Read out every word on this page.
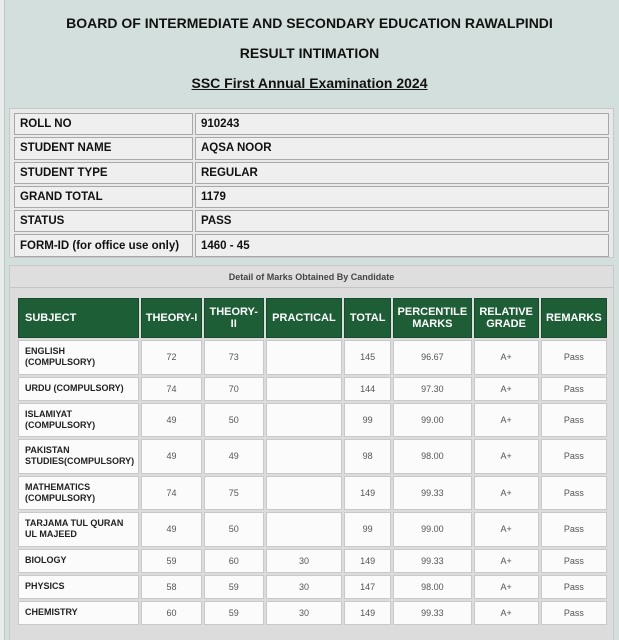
BOARD OF INTERMEDIATE AND SECONDARY EDUCATION RAWALPINDI
RESULT INTIMATION
SSC First Annual Examination 2024
ROLL NO	910243
STUDENT NAME	AQSA NOOR
STUDENT TYPE	REGULAR
GRAND TOTAL	1179
STATUS	PASS
FORM-ID (for office use only)	1460 - 45
Detail of Marks Obtained By Candidate
SUBJECT	THEORY-I	THEORY-II	PRACTICAL	TOTAL	PERCENTILE MARKS	RELATIVE GRADE	REMARKS
ENGLISH (COMPULSORY)	72	73		145	96.67	A+	Pass
URDU (COMPULSORY)	74	70		144	97.30	A+	Pass
ISLAMIYAT (COMPULSORY)	49	50		99	99.00	A+	Pass
PAKISTAN STUDIES(COMPULSORY)	49	49		98	98.00	A+	Pass
MATHEMATICS (COMPULSORY)	74	75		149	99.33	A+	Pass
TARJAMA TUL QURAN UL MAJEED	49	50		99	99.00	A+	Pass
BIOLOGY	59	60	30	149	99.33	A+	Pass
PHYSICS	58	59	30	147	98.00	A+	Pass
CHEMISTRY	60	59	30	149	99.33	A+	Pass
